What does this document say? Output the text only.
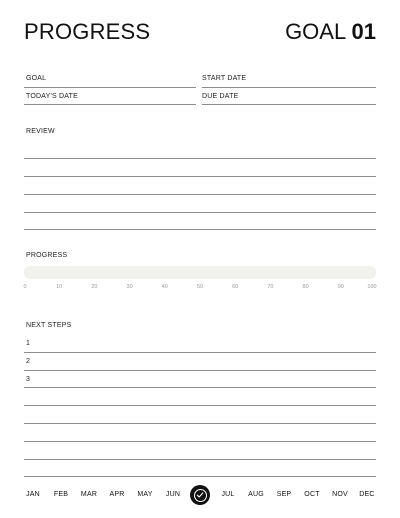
PROGRESS	GOAL 01
GOAL	START DATE
TODAY'S DATE	DUE DATE
REVIEW
PROGRESS
0	10	20	30	40	50	60	70	80	90	100
NEXT STEPS
1
2
3
JAN FEB MAR APR MAY JUN	JUL AUG SEP OCT NOV DEC
